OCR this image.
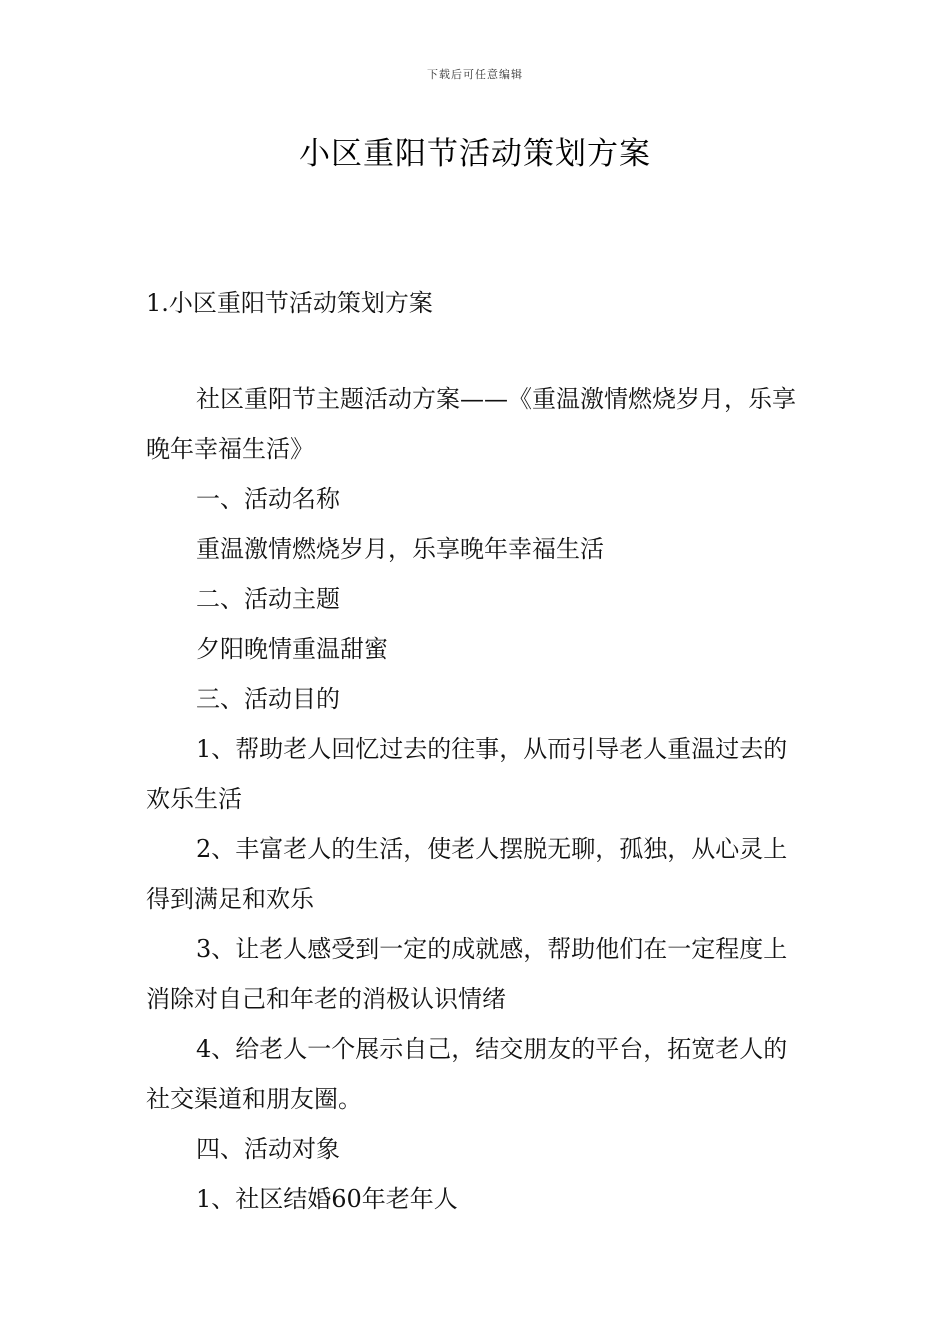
下载后可任意编辑
小区重阳节活动策划方案
1.小区重阳节活动策划方案

社区重阳节主题活动方案——《重温激情燃烧岁月，乐享晚年幸福生活》

一、活动名称

重温激情燃烧岁月，乐享晚年幸福生活

二、活动主题

夕阳晚情重温甜蜜

三、活动目的

1、帮助老人回忆过去的往事，从而引导老人重温过去的欢乐生活

2、丰富老人的生活，使老人摆脱无聊，孤独，从心灵上得到满足和欢乐

3、让老人感受到一定的成就感，帮助他们在一定程度上消除对自己和年老的消极认识情绪

4、给老人一个展示自己，结交朋友的平台，拓宽老人的社交渠道和朋友圈。

四、活动对象

1、社区结婚60年老年人
